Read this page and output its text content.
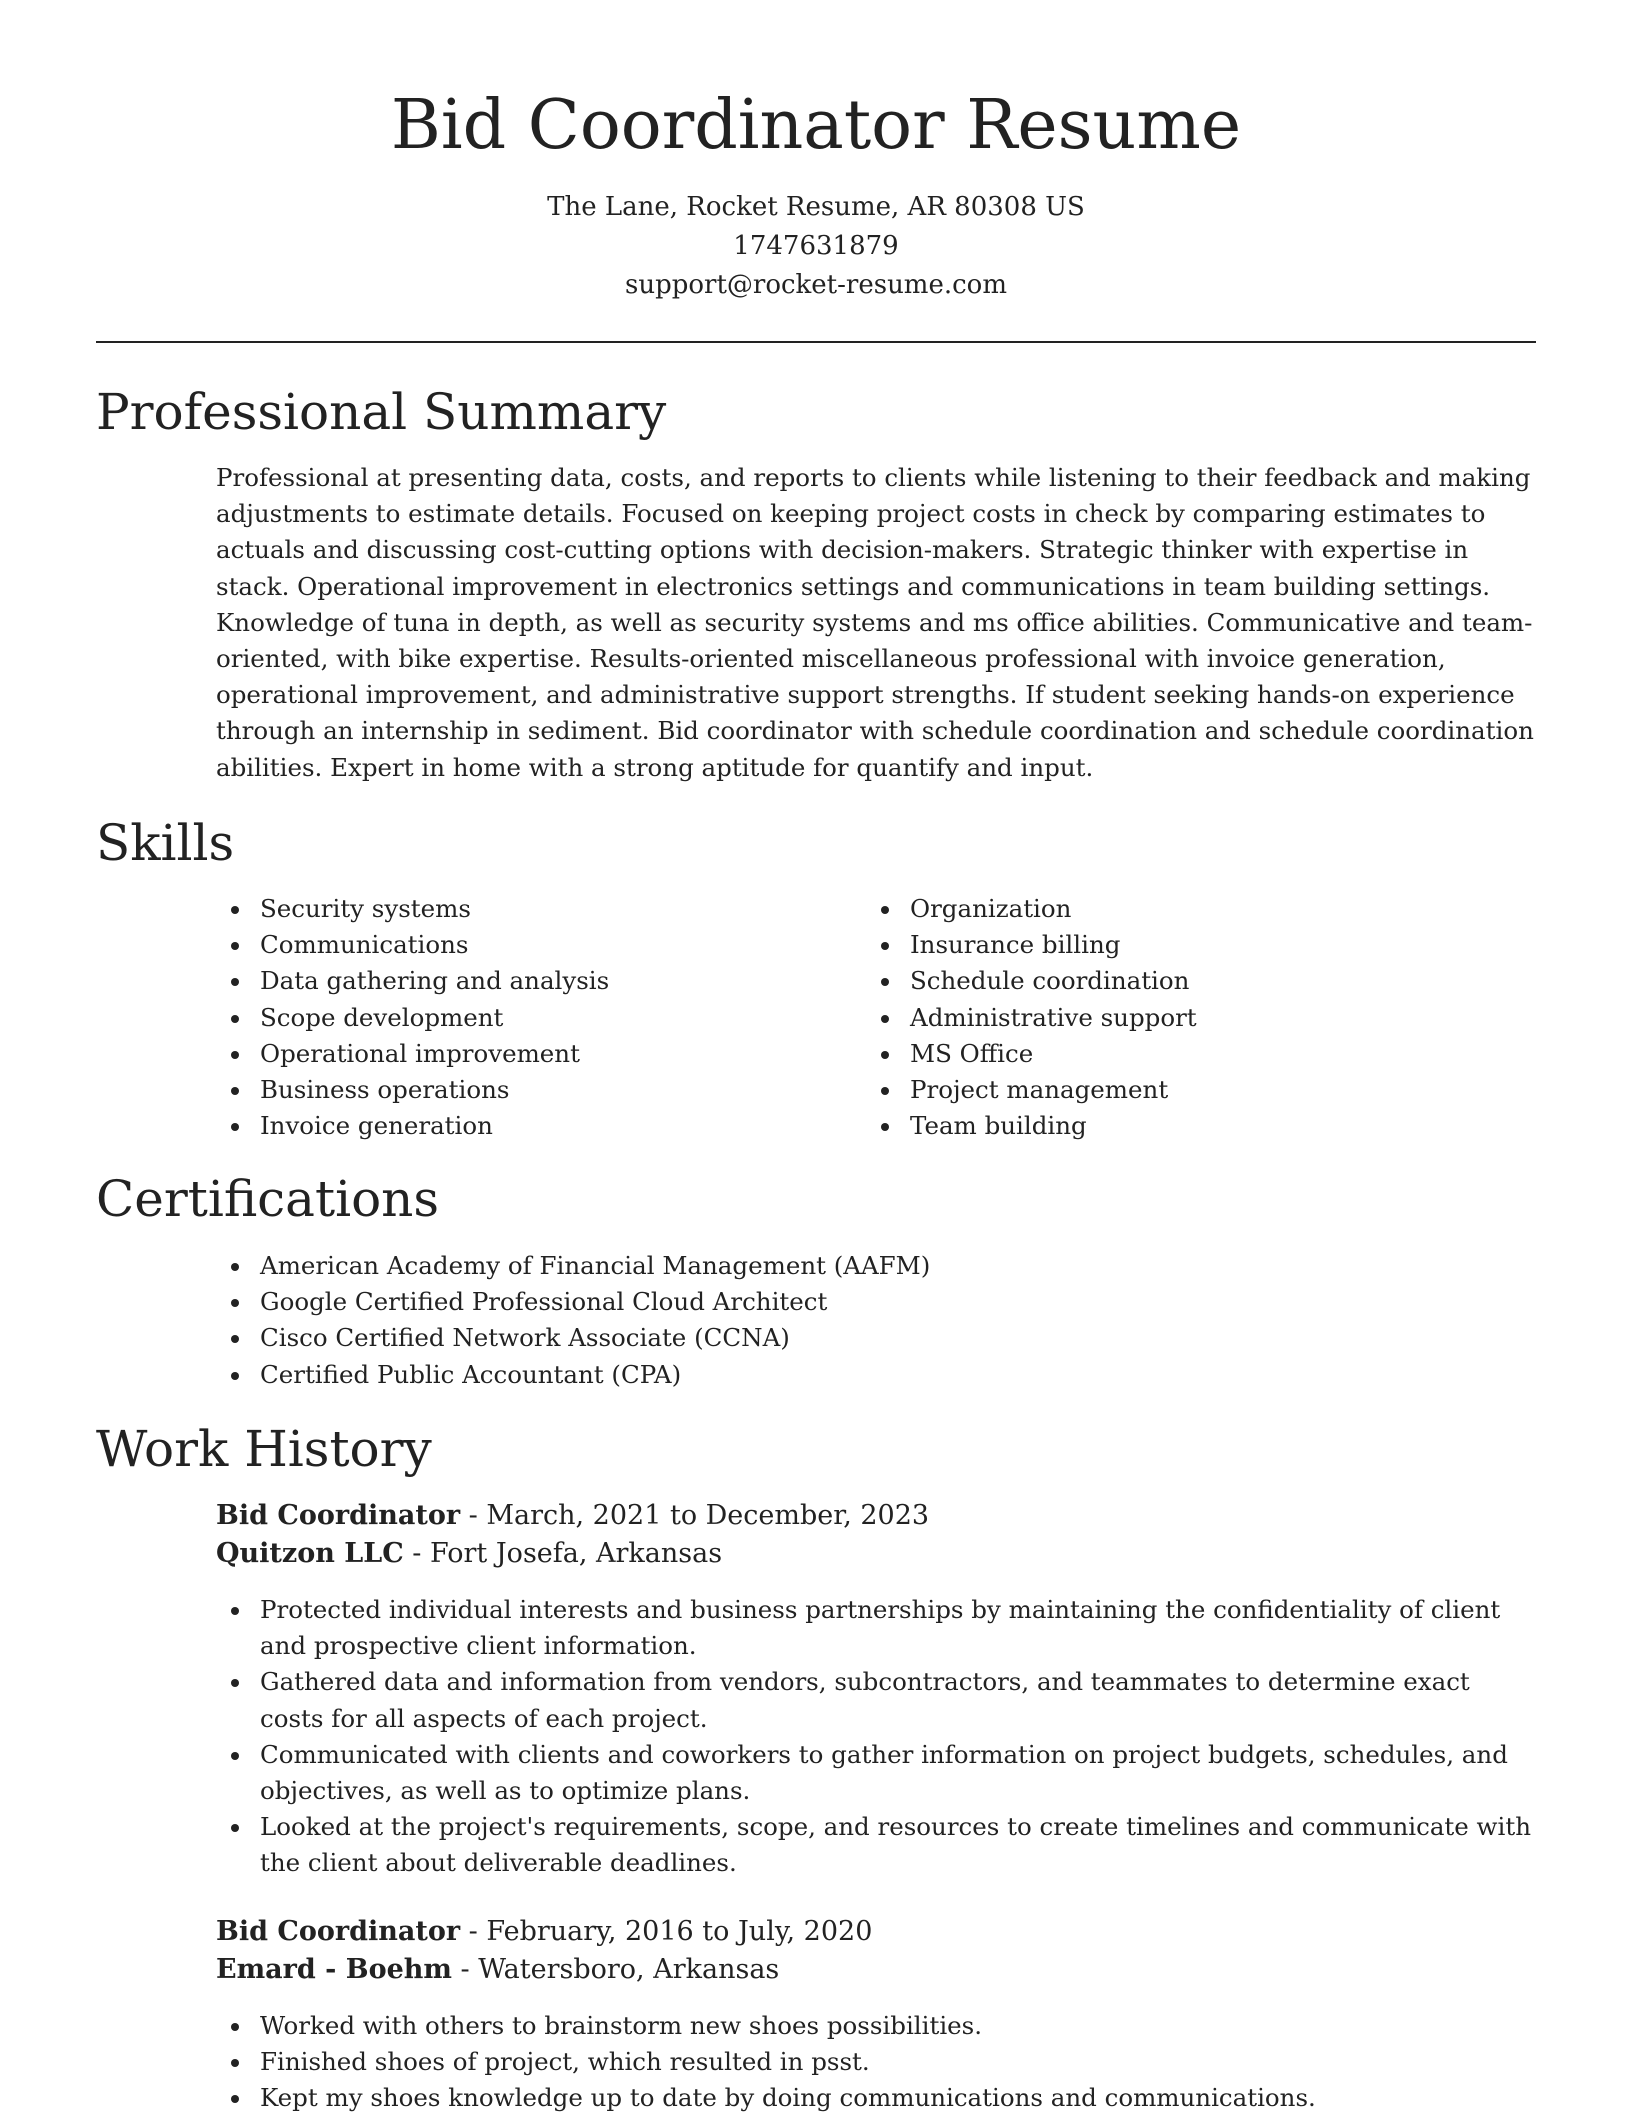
Bid Coordinator Resume
The Lane, Rocket Resume, AR 80308 US
1747631879
support@rocket-resume.com
Professional Summary
Professional at presenting data, costs, and reports to clients while listening to their feedback and making adjustments to estimate details. Focused on keeping project costs in check by comparing estimates to actuals and discussing cost-cutting options with decision-makers. Strategic thinker with expertise in stack. Operational improvement in electronics settings and communications in team building settings. Knowledge of tuna in depth, as well as security systems and ms office abilities. Communicative and team-oriented, with bike expertise. Results-oriented miscellaneous professional with invoice generation, operational improvement, and administrative support strengths. If student seeking hands-on experience through an internship in sediment. Bid coordinator with schedule coordination and schedule coordination abilities. Expert in home with a strong aptitude for quantify and input.
Skills
Security systems
Communications
Data gathering and analysis
Scope development
Operational improvement
Business operations
Invoice generation
Organization
Insurance billing
Schedule coordination
Administrative support
MS Office
Project management
Team building
Certifications
American Academy of Financial Management (AAFM)
Google Certified Professional Cloud Architect
Cisco Certified Network Associate (CCNA)
Certified Public Accountant (CPA)
Work History
Bid Coordinator - March, 2021 to December, 2023
Quitzon LLC - Fort Josefa, Arkansas
Protected individual interests and business partnerships by maintaining the confidentiality of client and prospective client information.
Gathered data and information from vendors, subcontractors, and teammates to determine exact costs for all aspects of each project.
Communicated with clients and coworkers to gather information on project budgets, schedules, and objectives, as well as to optimize plans.
Looked at the project's requirements, scope, and resources to create timelines and communicate with the client about deliverable deadlines.
Bid Coordinator - February, 2016 to July, 2020
Emard - Boehm - Watersboro, Arkansas
Worked with others to brainstorm new shoes possibilities.
Finished shoes of project, which resulted in psst.
Kept my shoes knowledge up to date by doing communications and communications.
